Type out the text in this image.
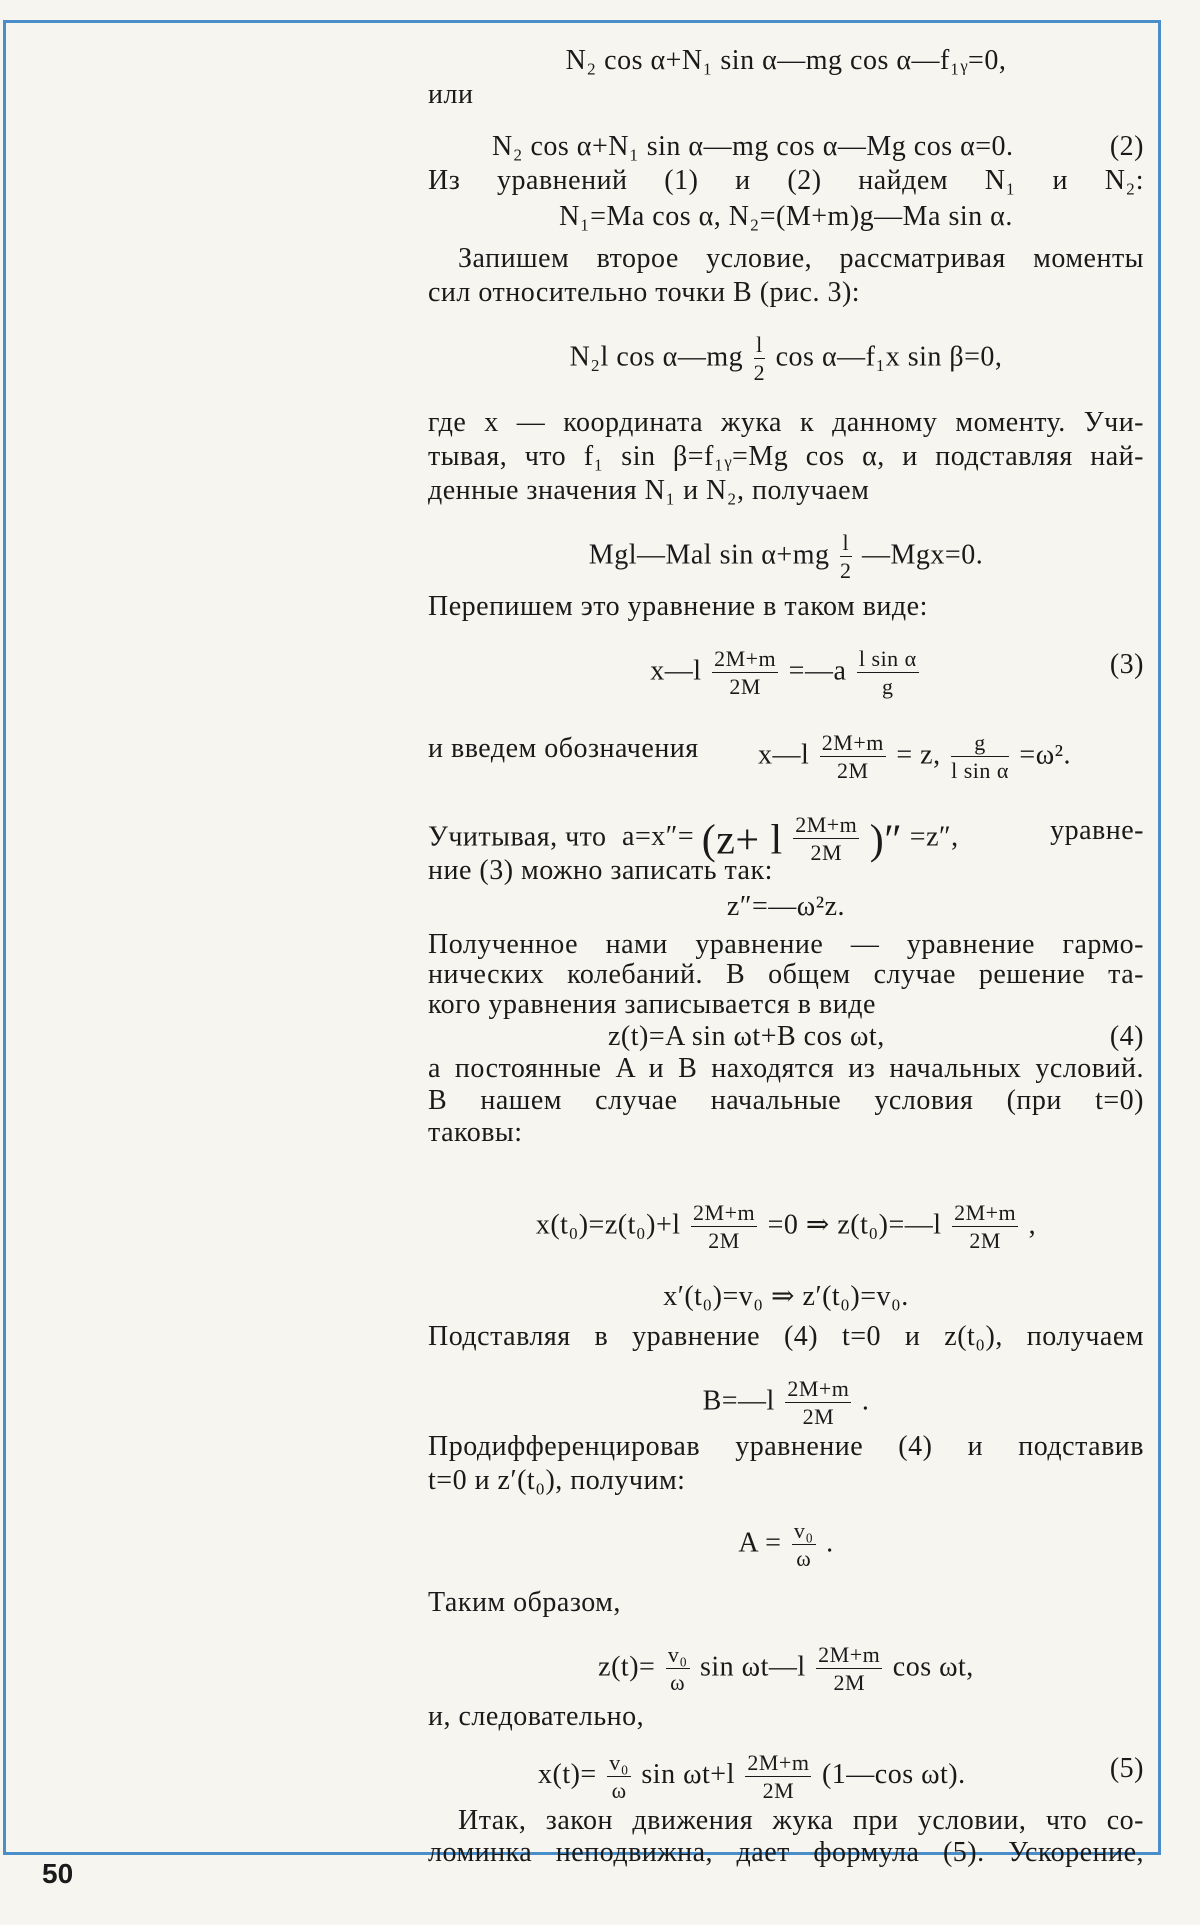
N₂ cos α+N₁ sin α—mg cos α—f₁ᵧ=0,
или
N₂ cos α+N₁ sin α—mg cos α—Mg cos α=0.	(2)
Из уравнений (1) и (2) найдем N₁ и N₂:
N₁=Ma cos α, N₂=(M+m)g—Ma sin α.
Запишем второе условие, рассматривая моменты
сил относительно точки B (рис. 3):
N₂l cos α—mg $\frac{l}{2}$ cos α—f₁x sin β=0,
где x — координата жука к данному моменту. Учи-
тывая, что f₁ sin β=f₁ᵧ=Mg cos α, и подставляя най-
денные значения N₁ и N₂, получаем
Mgl—Mal $\sin \alpha+mg \frac{l}{2}$ —Mgx=0.
Перепишем это уравнение в таком виде:
x—l $\frac{2M+m}{2M}$ =—a $\frac{\text{l sin α}}{g}$	(3)
и введем обозначения x—l $\frac{2M+m}{2M} = z$, $\frac{g}{\text{l sin α}} =\omega^2$.
Учитывая, что a=x″= (z+ l $\frac{2M+m}{2M}$ )″ =z″,	уравне-
ние (3) можно записать так:
z″=—ω²z.
Полученное нами уравнение — уравнение гармо-
нических колебаний. В общем случае решение та-
кого уравнения записывается в виде
z(t)=A sin ωt+B cos ωt,	(4)
а постоянные A и B находятся из начальных условий.
В нашем случае начальные условия (при t=0)
таковы:
$x(t_0)=z(t_0)+l \frac{2M+m}{2M} =0$ ⇒ z(t₀)=—l $\frac{2M+m}{2M}$ ,
x′(t₀)=v₀ ⇒ z′(t₀)=v₀.
Подставляя в уравнение (4) t=0 и z(t₀), получаем
B=—l $\frac{2M+m}{2M}$ .
Продифференцировав уравнение (4) и подставив
t=0 и z′(t₀), получим:
$A = \frac{\text{v₀}}{\omega}$ .
Таким образом,
$z(t)= \frac{\text{v₀}}{\omega}$ sin ωt—l $\frac{2M+m}{2M}$ cos ωt,
и, следовательно,
$x(t)= \frac{\text{v₀}}{\omega}$ $\sin \omega t+l \frac{2M+m}{2M}$ (1—cos ωt).	(5)
Итак, закон движения жука при условии, что со-
ломинка неподвижна, дает формула (5). Ускорение,
50
